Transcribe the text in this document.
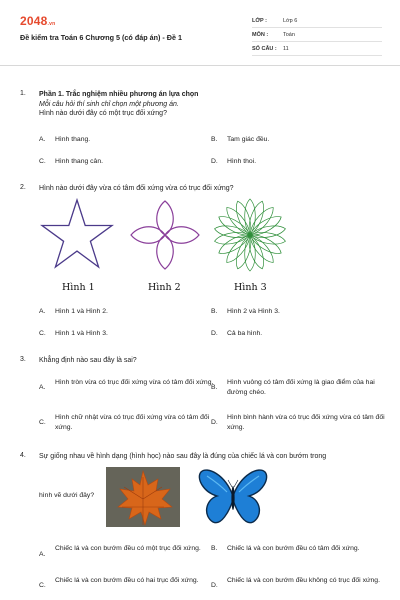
2048.vn
Đề kiểm tra Toán 6 Chương 5 (có đáp án) - Đề 1
LỚP :	Lớp 6
MÔN :	Toán
SỐ CÂU :	11
1. Phần 1. Trắc nghiệm nhiều phương án lựa chọn
Mỗi câu hỏi thí sinh chỉ chọn một phương án.
Hình nào dưới đây có một trục đối xứng?
A. Hình thang.	B. Tam giác đều.
C. Hình thang cân.	D. Hình thoi.
2. Hình nào dưới đây vừa có tâm đối xứng vừa có trục đối xứng?
Hình 1	Hình 2	Hình 3
A. Hình 1 và Hình 2.	B. Hình 2 và Hình 3.
C. Hình 1 và Hình 3.	D. Cả ba hình.
3. Khẳng định nào sau đây là sai?
A.
Hình tròn vừa có trục đối xứng vừa có tâm đối xứng.
B.
Hình vuông có tâm đối xứng là giao điểm của hai đường chéo.
C.
Hình chữ nhật vừa có trục đối xứng vừa có tâm đối xứng.
D.
Hình bình hành vừa có trục đối xứng vừa có tâm đối xứng.
4. Sự giống nhau về hình dạng (hình học) nào sau đây là đúng của chiếc lá và con bướm trong
hình vẽ dưới đây?
A.
Chiếc lá và con bướm đều có một trục đối xứng.	B. Chiếc lá và con bướm đều có tâm đối xứng.
C.
Chiếc lá và con bướm đều có hai trục đối xứng.
D.
Chiếc lá và con bướm đều không có trục đối xứng.
